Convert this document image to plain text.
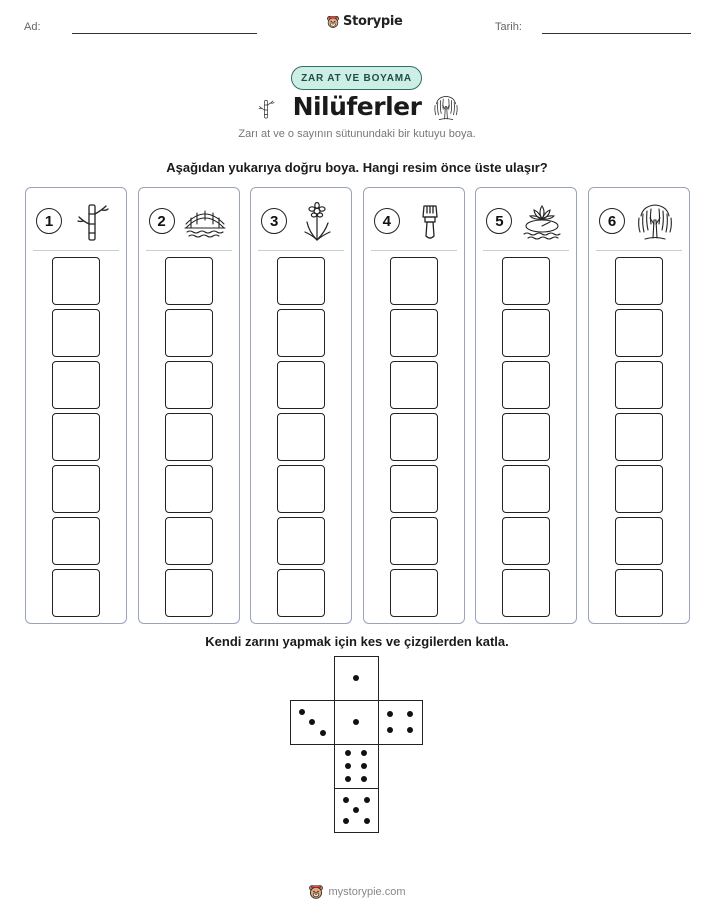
Ad:	Storypie	Tarih:
ZAR AT VE BOYAMA
Nilüferler
Zarı at ve o sayının sütunundaki bir kutuyu boya.
Aşağıdan yukarıya doğru boya. Hangi resim önce üste ulaşır?
1	2	3	4	5	6
Kendi zarını yapmak için kes ve çizgilerden katla.
mystorypie.com
